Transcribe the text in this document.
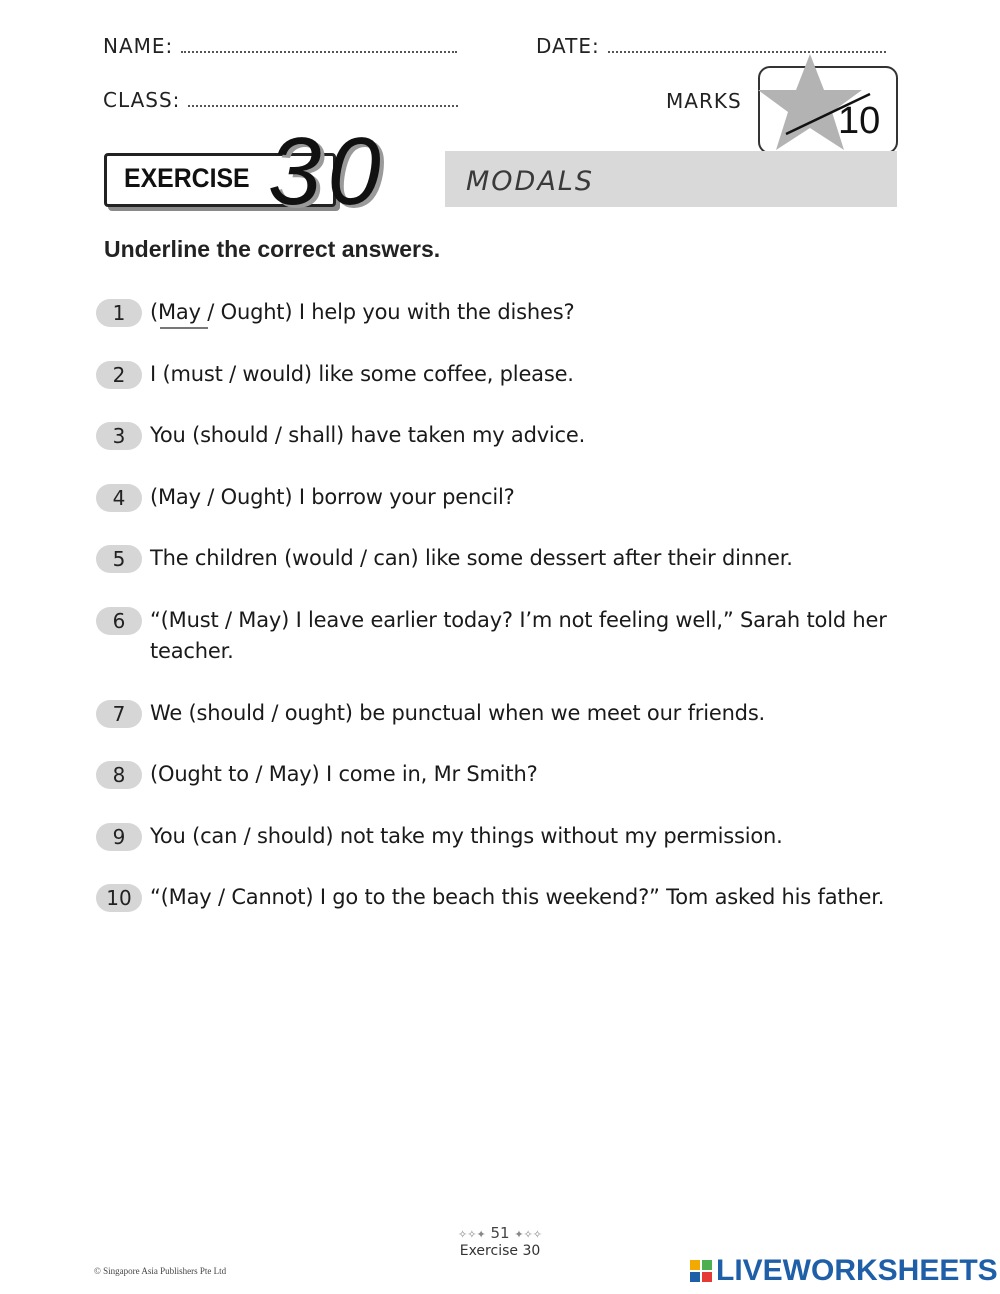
NAME:	DATE:
CLASS:	MARKS	10
EXERCISE 30	MODALS
Underline the correct answers.
1	(May / Ought) I help you with the dishes?
2	I (must / would) like some coffee, please.
3	You (should / shall) have taken my advice.
4	(May / Ought) I borrow your pencil?
5	The children (would / can) like some dessert after their dinner.
6	“(Must / May) I leave earlier today? I’m not feeling well,” Sarah told her teacher.
7	We (should / ought) be punctual when we meet our friends.
8	(Ought to / May) I come in, Mr Smith?
9	You (can / should) not take my things without my permission.
10 “(May / Cannot) I go to the beach this weekend?” Tom asked his father.
✧✧✦ 51 ✦✧✧
Exercise 30
© Singapore Asia Publishers Pte Ltd	LIVEWORKSHEETS
